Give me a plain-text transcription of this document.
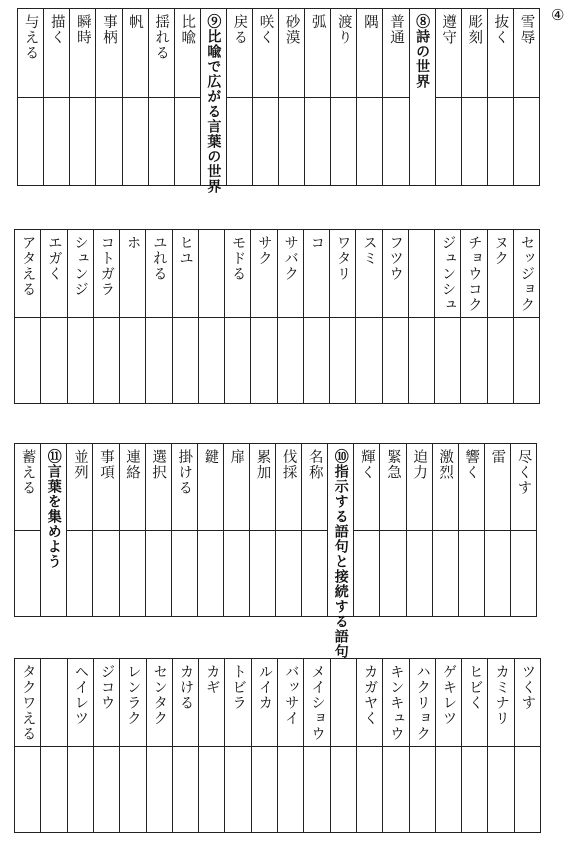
④
雪辱
抜く
彫刻
遵守
⑧詩の世界
普通
隅
渡り
弧
砂漠
咲く
戻る
⑨比喩で広がる言葉の世界
比喩
揺れる
帆
事柄
瞬時
描く
与える
セッジョク
ヌク
チョウコク
ジュンシュ
フツウ
スミ
ワタリ
コ
サバク
サク
モドる
ヒユ
ユれる
ホ
コトガラ
シュンジ
エガく
アタえる
尽くす
雷
響く
激烈
迫力
緊急
輝く
⑩指示する語句と接続する語句
名称
伐採
累加
扉
鍵
掛ける
選択
連絡
事項
並列
⑪言葉を集めよう
蓄える
ツくす
カミナリ
ヒビく
ゲキレツ
ハクリョク
キンキュウ
カガヤく
メイショウ
バッサイ
ルイカ
トビラ
カギ
カける
センタク
レンラク
ジコウ
ヘイレツ
タクワえる
